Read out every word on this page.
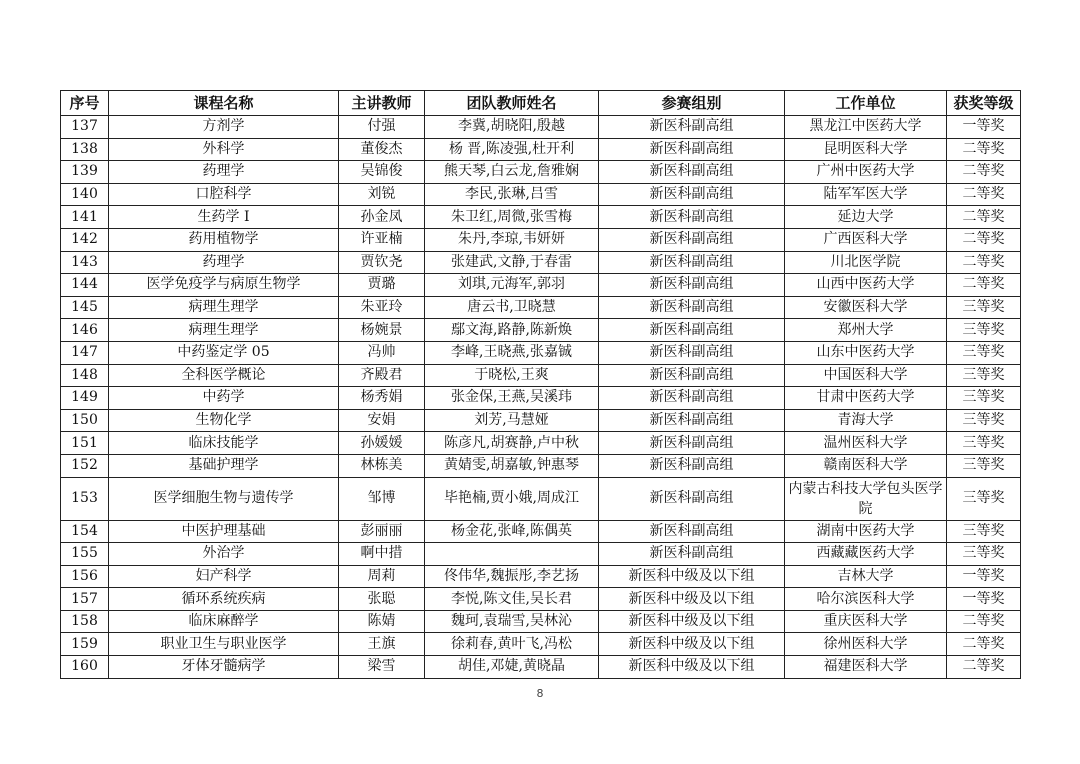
序号	课程名称	主讲教师	团队教师姓名	参赛组别	工作单位	获奖等级
137	方剂学	付强	李冀,胡晓阳,殷越	新医科副高组	黑龙江中医药大学	一等奖
138	外科学	董俊杰	杨 晋,陈凌强,杜开利	新医科副高组	昆明医科大学	二等奖
139	药理学	吴锦俊	熊天琴,白云龙,詹雅娴	新医科副高组	广州中医药大学	二等奖
140	口腔科学	刘锐	李民,张琳,吕雪	新医科副高组	陆军军医大学	二等奖
141	生药学 I	孙金凤	朱卫红,周微,张雪梅	新医科副高组	延边大学	二等奖
142	药用植物学	许亚楠	朱丹,李琼,韦妍妍	新医科副高组	广西医科大学	二等奖
143	药理学	贾钦尧	张建武,文静,于春雷	新医科副高组	川北医学院	二等奖
144	医学免疫学与病原生物学	贾璐	刘琪,元海军,郭羽	新医科副高组	山西中医药大学	二等奖
145	病理生理学	朱亚玲	唐云书,卫晓慧	新医科副高组	安徽医科大学	三等奖
146	病理生理学	杨婉景	鄢文海,路静,陈新焕	新医科副高组	郑州大学	三等奖
147	中药鉴定学 05	冯帅	李峰,王晓燕,张嘉铖	新医科副高组	山东中医药大学	三等奖
148	全科医学概论	齐殿君	于晓松,王爽	新医科副高组	中国医科大学	三等奖
149	中药学	杨秀娟	张金保,王燕,吴溪玮	新医科副高组	甘肃中医药大学	三等奖
150	生物化学	安娟	刘芳,马慧娅	新医科副高组	青海大学	三等奖
151	临床技能学	孙媛媛	陈彦凡,胡赛静,卢中秋	新医科副高组	温州医科大学	三等奖
152	基础护理学	林栋美	黄婧雯,胡嘉敏,钟惠琴	新医科副高组	赣南医科大学	三等奖
153	医学细胞生物与遗传学	邹博	毕艳楠,贾小娥,周成江	新医科副高组	内蒙古科技大学包头医学院	三等奖
154	中医护理基础	彭丽丽	杨金花,张峰,陈偶英	新医科副高组	湖南中医药大学	三等奖
155	外治学	啊中措		新医科副高组	西藏藏医药大学	三等奖
156	妇产科学	周莉	佟伟华,魏振彤,李艺扬	新医科中级及以下组	吉林大学	一等奖
157	循环系统疾病	张聪	李悦,陈文佳,吴长君	新医科中级及以下组	哈尔滨医科大学	一等奖
158	临床麻醉学	陈婧	魏珂,袁瑞雪,吴林沁	新医科中级及以下组	重庆医科大学	二等奖
159	职业卫生与职业医学	王旗	徐莉春,黄叶飞,冯松	新医科中级及以下组	徐州医科大学	二等奖
160	牙体牙髓病学	梁雪	胡佳,邓婕,黄晓晶	新医科中级及以下组	福建医科大学	二等奖
8
